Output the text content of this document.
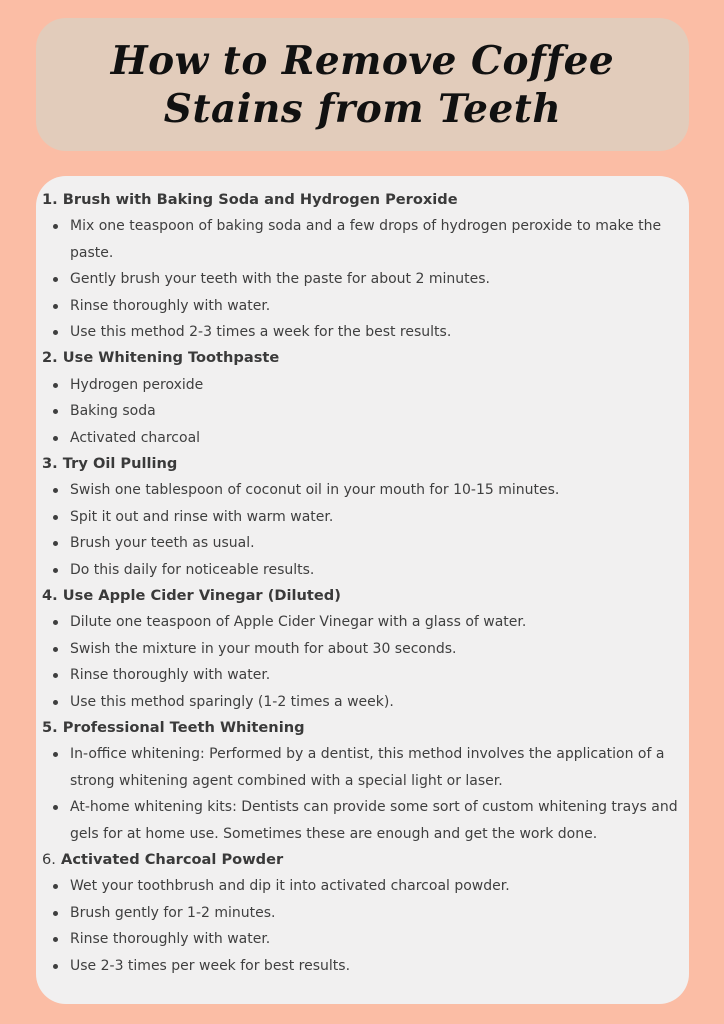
How to Remove Coffee
Stains from Teeth
1. Brush with Baking Soda and Hydrogen Peroxide
Mix one teaspoon of baking soda and a few drops of hydrogen peroxide to make the paste.
Gently brush your teeth with the paste for about 2 minutes.
Rinse thoroughly with water.
Use this method 2-3 times a week for the best results.
2. Use Whitening Toothpaste
Hydrogen peroxide
Baking soda
Activated charcoal
3. Try Oil Pulling
Swish one tablespoon of coconut oil in your mouth for 10-15 minutes.
Spit it out and rinse with warm water.
Brush your teeth as usual.
Do this daily for noticeable results.
4. Use Apple Cider Vinegar (Diluted)
Dilute one teaspoon of Apple Cider Vinegar with a glass of water.
Swish the mixture in your mouth for about 30 seconds.
Rinse thoroughly with water.
Use this method sparingly (1-2 times a week).
5. Professional Teeth Whitening
In-office whitening: Performed by a dentist, this method involves the application of a strong whitening agent combined with a special light or laser.
At-home whitening kits: Dentists can provide some sort of custom whitening trays and gels for at home use. Sometimes these are enough and get the work done.
6. Activated Charcoal Powder
Wet your toothbrush and dip it into activated charcoal powder.
Brush gently for 1-2 minutes.
Rinse thoroughly with water.
Use 2-3 times per week for best results.
